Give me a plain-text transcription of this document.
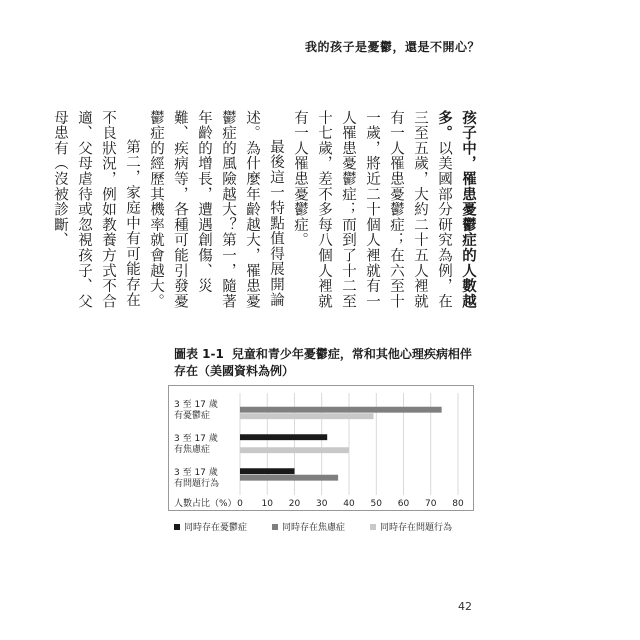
我的孩子是憂鬱，還是不開心？

孩子中，罹患憂鬱症的人數越多。以美國部分研究為例，在三至五歲，大約二十五人裡就有一人罹患憂鬱症；在六至十一歲，將近二十個人裡就有一人罹患憂鬱症；而到了十二至十七歲，差不多每八個人裡就有一人罹患憂鬱症。

最後這一特點值得展開論述。為什麼年齡越大，罹患憂鬱症的風險越大？第一，隨著年齡的增長，遭遇創傷、災難、疾病等，各種可能引發憂鬱症的經歷其機率就會越大。

第二，家庭中有可能存在不良狀況，例如教養方式不合適、父母虐待或忽視孩子、父母患有（沒被診斷、

圖表 1-1 兒童和青少年憂鬱症，常和其他心理疾病相伴存在（美國資料為例）
3 至 17 歲
有憂鬱症
3 至 17 歲
有焦慮症
3 至 17 歲
有問題行為
0 10 20 30 40 50 60 70 80
人數占比（%）
同時存在憂鬱症	同時存在焦慮症	同時存在問題行為
42
